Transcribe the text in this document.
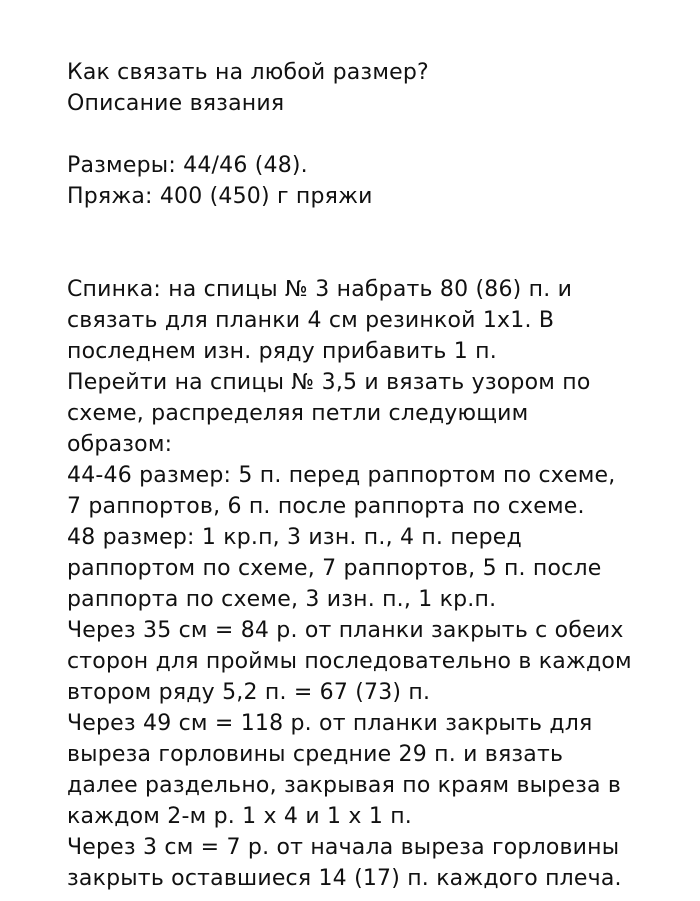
Как связать на любой размер?

Описание вязания

Размеры: 44/46 (48).

Пряжа: 400 (450) г пряжи

Спинка: на спицы № 3 набрать 80 (86) п. и

связать для планки 4 см резинкой 1х1. В

последнем изн. ряду прибавить 1 п.

Перейти на спицы № 3,5 и вязать узором по

схеме, распределяя петли следующим

образом:

44-46 размер: 5 п. перед раппортом по схеме,

7 раппортов, 6 п. после раппорта по схеме.

48 размер: 1 кр.п, 3 изн. п., 4 п. перед

раппортом по схеме, 7 раппортов, 5 п. после

раппорта по схеме, 3 изн. п., 1 кр.п.

Через 35 см = 84 р. от планки закрыть с обеих

сторон для проймы последовательно в каждом

втором ряду 5,2 п. = 67 (73) п.

Через 49 см = 118 р. от планки закрыть для

выреза горловины средние 29 п. и вязать

далее раздельно, закрывая по краям выреза в

каждом 2-м р. 1 х 4 и 1 х 1 п.

Через 3 см = 7 р. от начала выреза горловины

закрыть оставшиеся 14 (17) п. каждого плеча.
